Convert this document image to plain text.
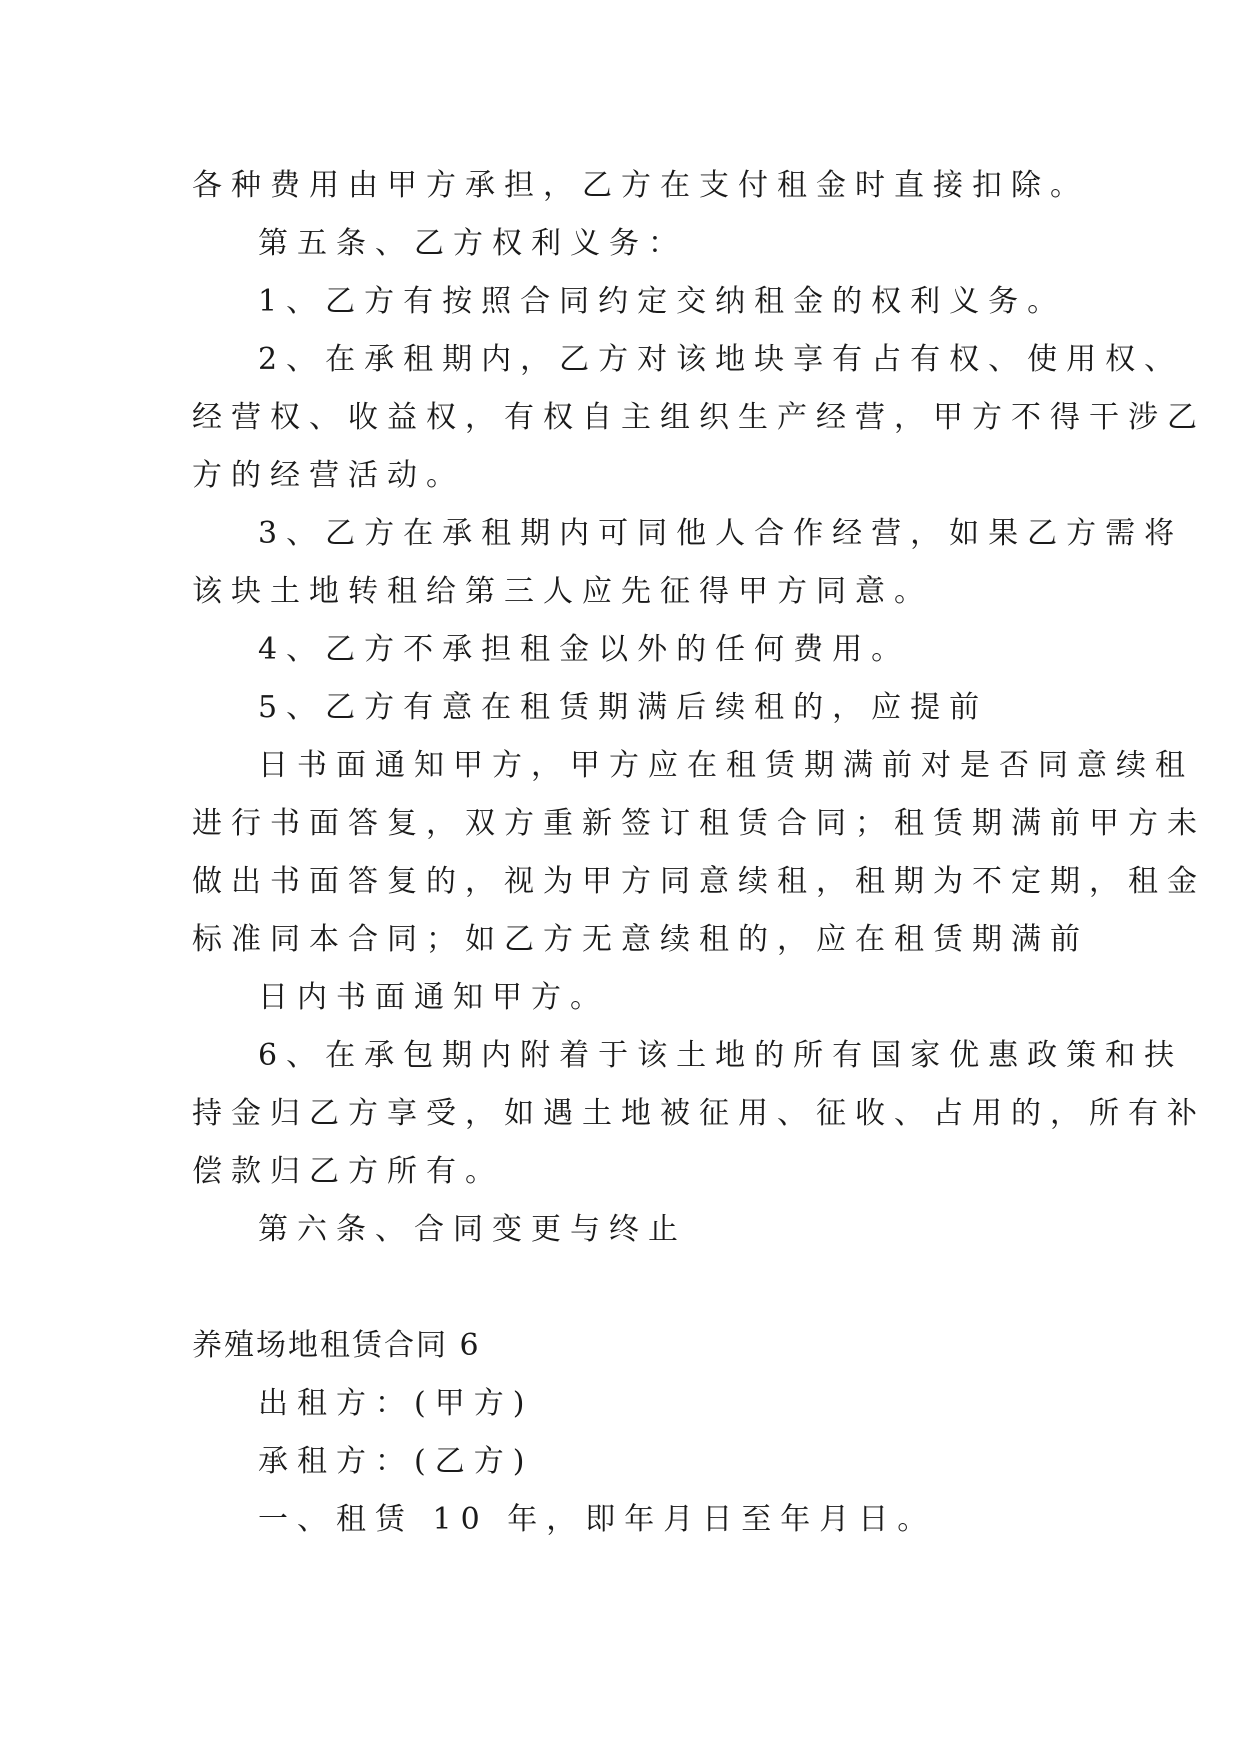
各种费用由甲方承担，乙方在支付租金时直接扣除。
第五条、乙方权利义务：
1、乙方有按照合同约定交纳租金的权利义务。
2、在承租期内，乙方对该地块享有占有权、使用权、
经营权、收益权，有权自主组织生产经营，甲方不得干涉乙
方的经营活动。
3、乙方在承租期内可同他人合作经营，如果乙方需将
该块土地转租给第三人应先征得甲方同意。
4、乙方不承担租金以外的任何费用。
5、乙方有意在租赁期满后续租的，应提前
日书面通知甲方，甲方应在租赁期满前对是否同意续租
进行书面答复，双方重新签订租赁合同；租赁期满前甲方未
做出书面答复的，视为甲方同意续租，租期为不定期，租金
标准同本合同；如乙方无意续租的，应在租赁期满前
日内书面通知甲方。
6、在承包期内附着于该土地的所有国家优惠政策和扶
持金归乙方享受，如遇土地被征用、征收、占用的，所有补
偿款归乙方所有。
第六条、合同变更与终止
养殖场地租赁合同 6
出租方：(甲方)
承租方：(乙方)
一、租赁 10 年，即年月日至年月日。
